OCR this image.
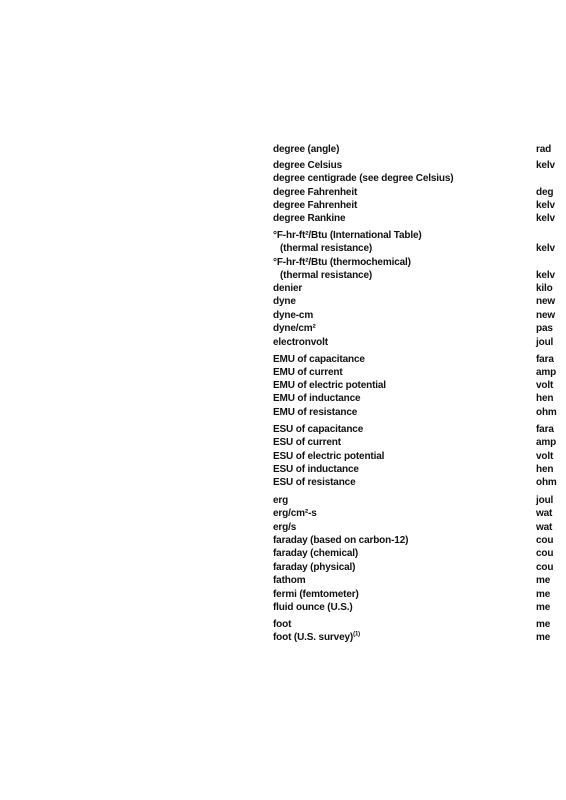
degree (angle)	rad
degree Celsius	kelv
degree centigrade (see degree Celsius)
degree Fahrenheit	deg
degree Fahrenheit	kelv
degree Rankine	kelv
°F-hr-ft²/Btu (International Table)
(thermal resistance)	kelv
°F-hr-ft²/Btu (thermochemical)
(thermal resistance)	kelv
denier	kilo
dyne	new
dyne-cm	new
dyne/cm²	pas
electronvolt	joul
EMU of capacitance	fara
EMU of current	amp
EMU of electric potential	volt
EMU of inductance	hen
EMU of resistance	ohm
ESU of capacitance	fara
ESU of current	amp
ESU of electric potential	volt
ESU of inductance	hen
ESU of resistance	ohm
erg	joul
erg/cm²-s	wat
erg/s	wat
faraday (based on carbon-12)	cou
faraday (chemical)	cou
faraday (physical)	cou
fathom	me
fermi (femtometer)	me
fluid ounce (U.S.)	me
foot	me
foot (U.S. survey)$^{(1)}$	me
